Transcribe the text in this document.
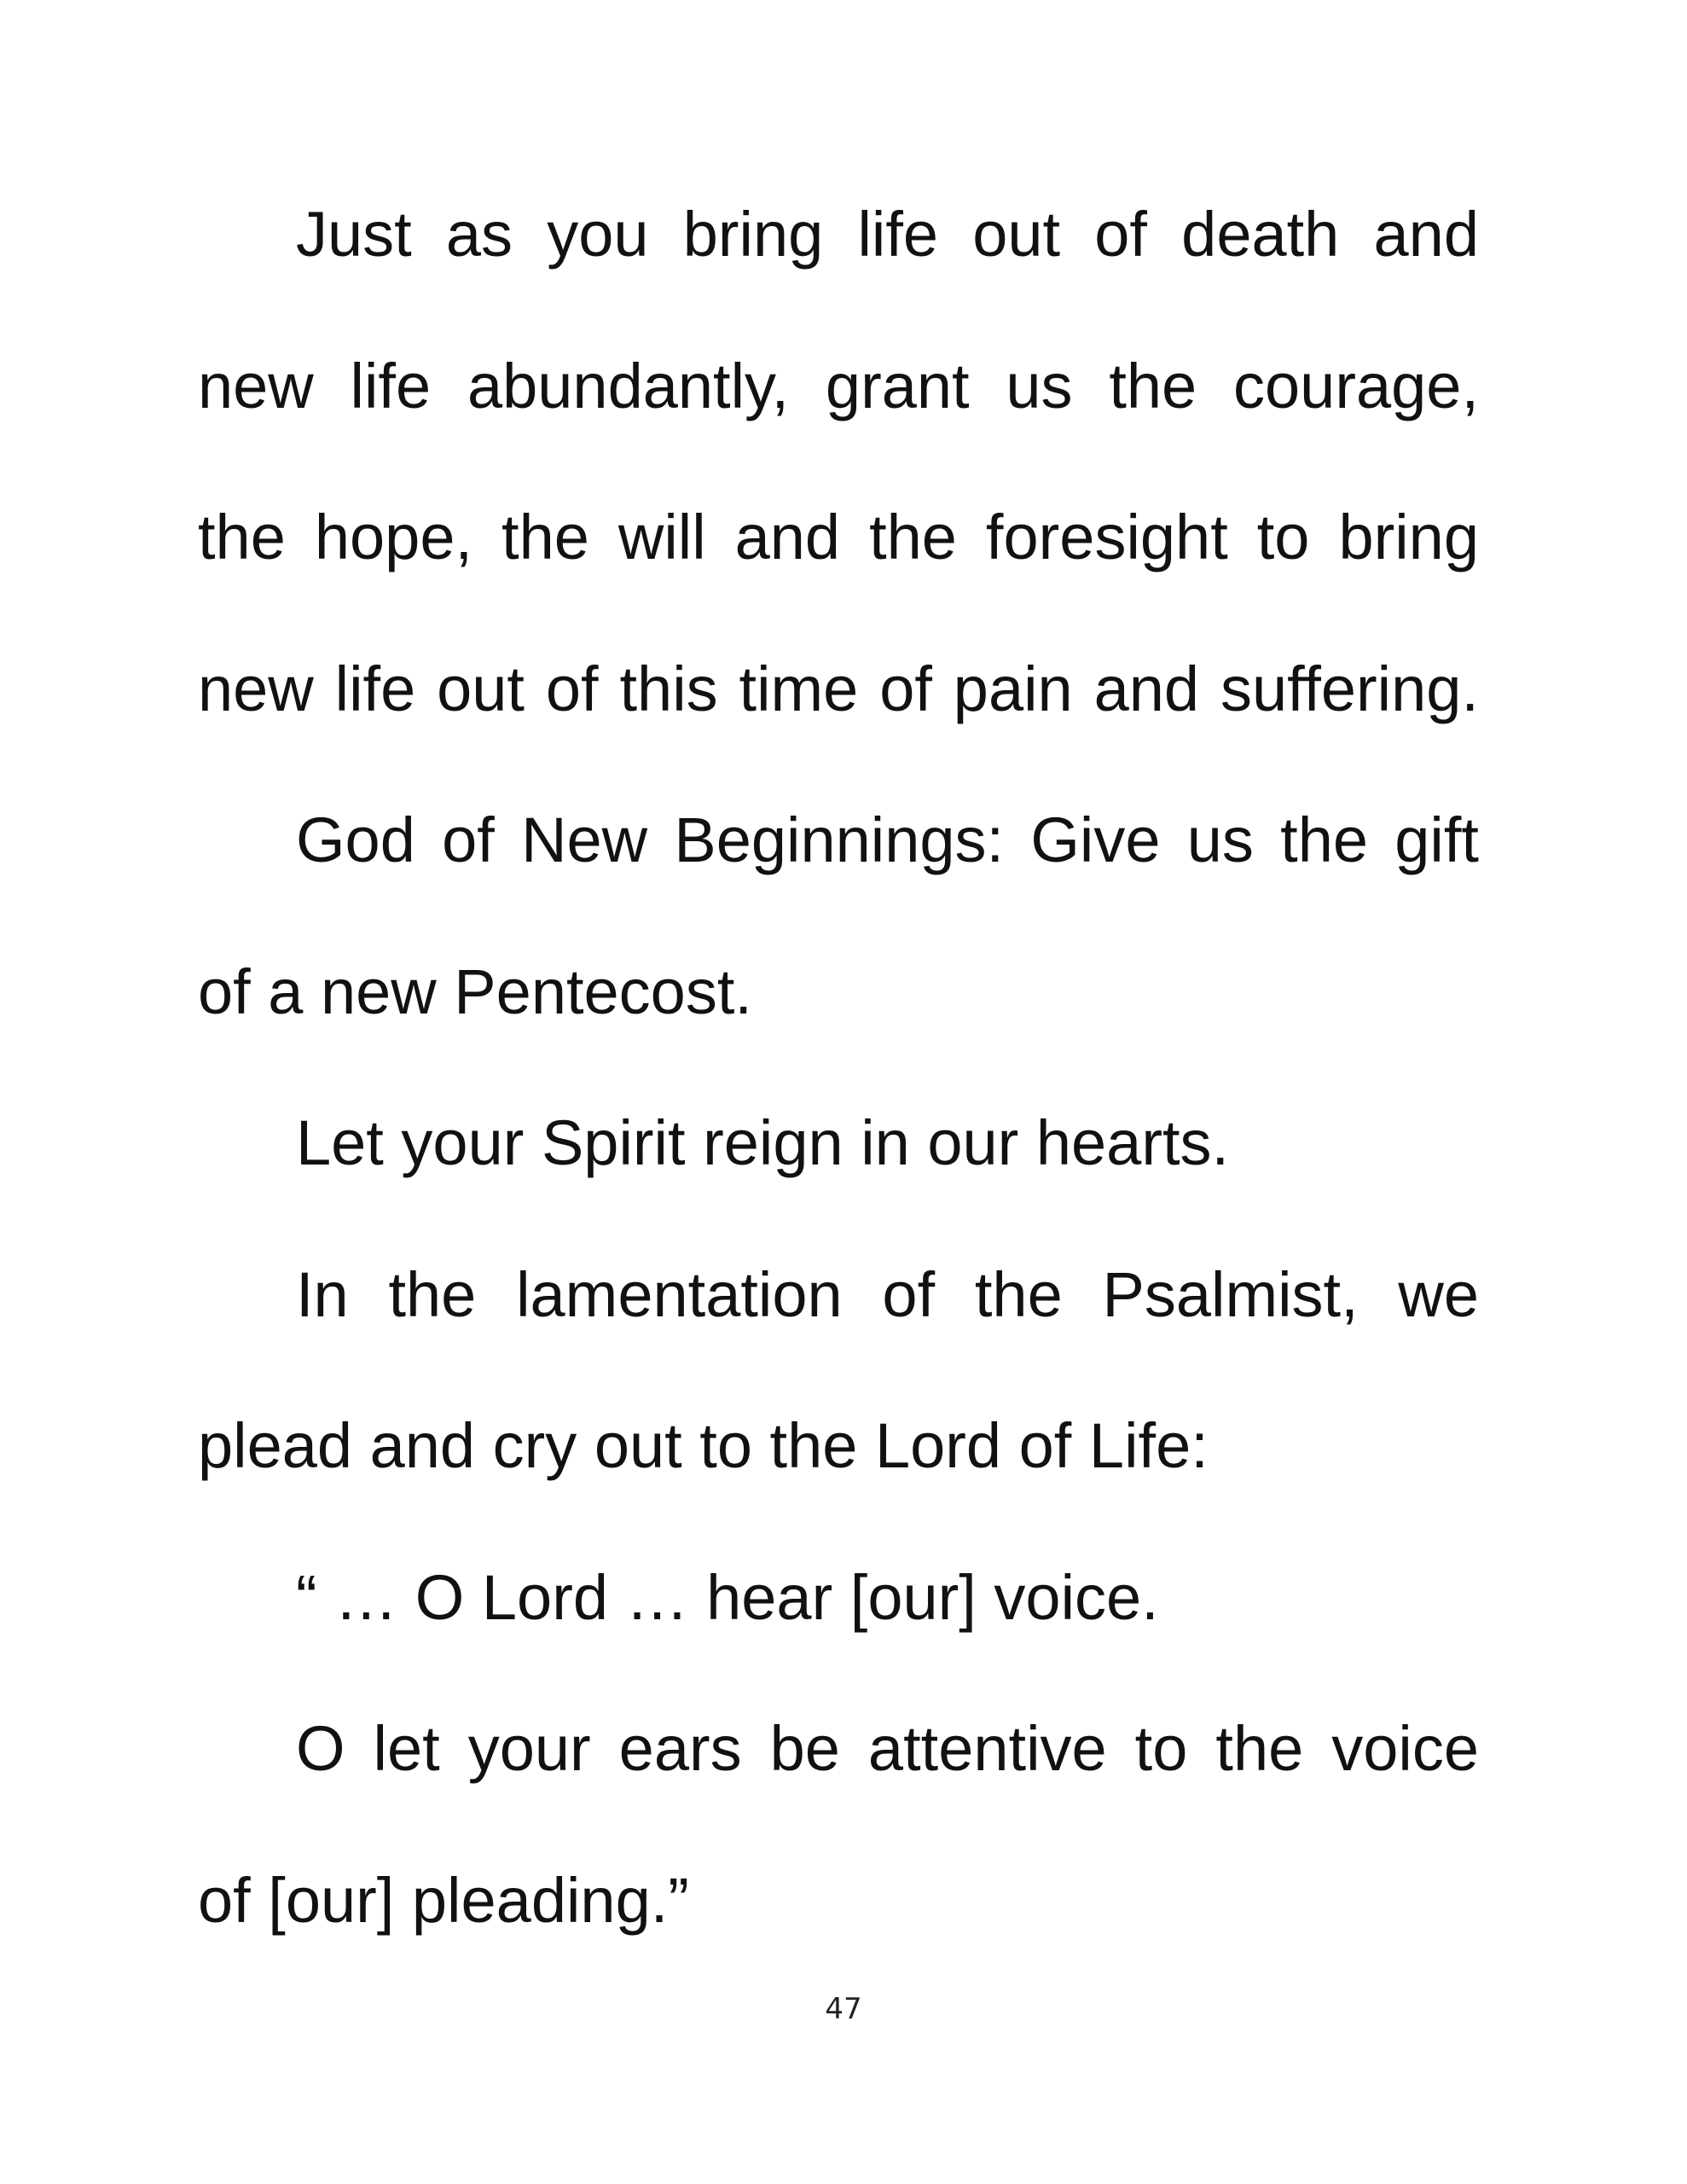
Just as you bring life out of death and
new life abundantly, grant us the courage,
the hope, the will and the foresight to bring
new life out of this time of pain and suffering.
God of New Beginnings: Give us the gift
of a new Pentecost.
Let your Spirit reign in our hearts.
In the lamentation of the Psalmist, we
plead and cry out to the Lord of Life:
“ … O Lord … hear [our] voice.
O let your ears be attentive to the voice
of [our] pleading.”
47
